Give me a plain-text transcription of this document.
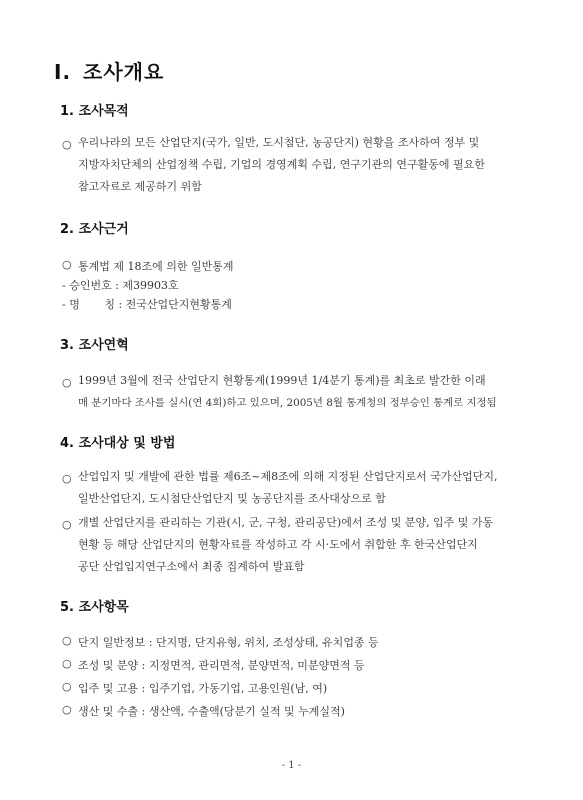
Ⅰ. 조사개요
1. 조사목적
○ 우리나라의 모든 산업단지(국가, 일반, 도시첨단, 농공단지) 현황을 조사하여 정부 및
지방자치단체의 산업정책 수립, 기업의 경영계획 수립, 연구기관의 연구활동에 필요한
참고자료로 제공하기 위함
2. 조사근거
○ 통계법 제 18조에 의한 일반통계
- 승인번호 : 제39903호
- 명       칭 : 전국산업단지현황통계
3. 조사연혁
○ 1999년 3월에 전국 산업단지 현황통계(1999년 1/4분기 통계)를 최초로 발간한 이래
매 분기마다 조사를 실시(연 4회)하고 있으며, 2005년 8월 통계청의 정부승인 통계로 지정됨
4. 조사대상 및 방법
○ 산업입지 및 개발에 관한 법률 제6조~제8조에 의해 지정된 산업단지로서 국가산업단지,
일반산업단지, 도시첨단산업단지 및 농공단지를 조사대상으로 함
○ 개별 산업단지를 관리하는 기관(시, 군, 구청, 관리공단)에서 조성 및 분양, 입주 및 가동
현황 등 해당 산업단지의 현황자료를 작성하고 각 시·도에서 취합한 후 한국산업단지
공단 산업입지연구소에서 최종 집계하여 발표함
5. 조사항목
○ 단지 일반정보 : 단지명, 단지유형, 위치, 조성상태, 유치업종 등
○ 조성 및 분양 : 지정면적, 관리면적, 분양면적, 미분양면적 등
○ 입주 및 고용 : 입주기업, 가동기업, 고용인원(남, 여)
○ 생산 및 수출 : 생산액, 수출액(당분기 실적 및 누계실적)
- 1 -
